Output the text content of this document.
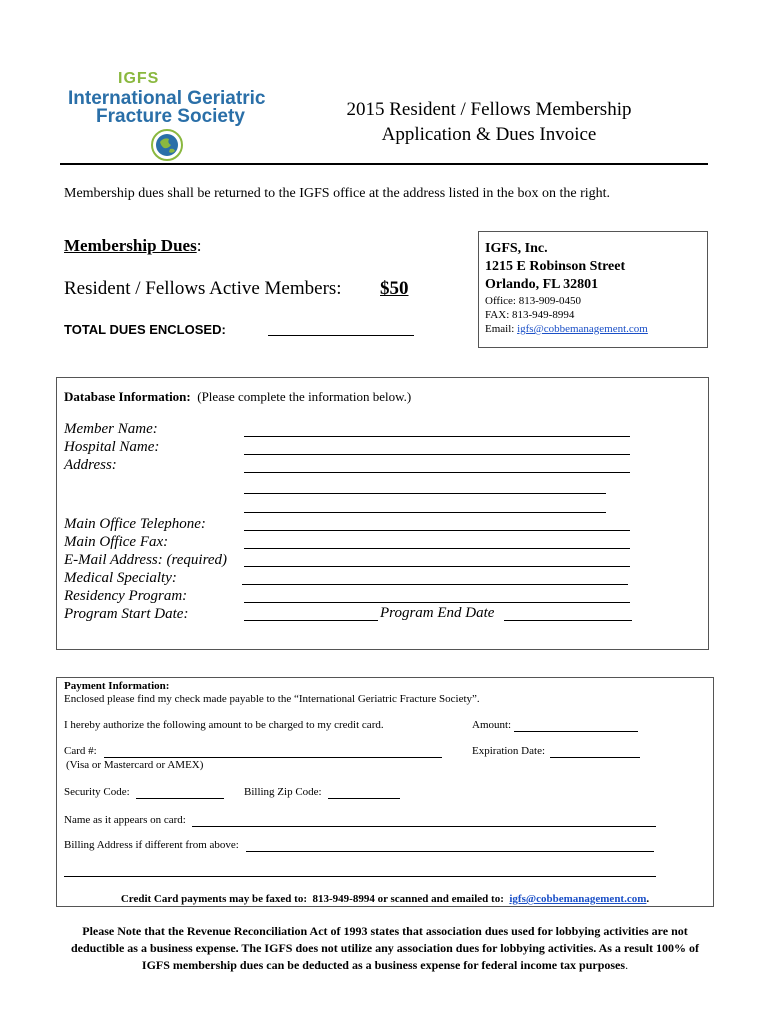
IGFS
International Geriatric
Fracture Society	2015 Resident / Fellows Membership
Application & Dues Invoice
Membership dues shall be returned to the IGFS office at the address listed in the box on the right.
Membership Dues:
Resident / Fellows Active Members: $50
TOTAL DUES ENCLOSED:
IGFS, Inc.
1215 E Robinson Street
Orlando, FL 32801
Office: 813-909-0450
FAX: 813-949-8994
Email: igfs@cobbemanagement.com
Database Information:  (Please complete the information below.)
Member Name:
Hospital Name:
Address:
Main Office Telephone:
Main Office Fax:
E-Mail Address: (required)
Medical Specialty:
Residency Program:
Program Start Date:	Program End Date
Payment Information:
Enclosed please find my check made payable to the “International Geriatric Fracture Society”.
I hereby authorize the following amount to be charged to my credit card.	Amount:
Card #:	Expiration Date:
(Visa or Mastercard or AMEX)
Security Code:	Billing Zip Code:
Name as it appears on card:
Billing Address if different from above:
Credit Card payments may be faxed to:  813-949-8994 or scanned and emailed to:  igfs@cobbemanagement.com.
Please Note that the Revenue Reconciliation Act of 1993 states that association dues used for lobbying activities are not deductible as a business expense. The IGFS does not utilize any association dues for lobbying activities. As a result 100% of IGFS membership dues can be deducted as a business expense for federal income tax purposes.
